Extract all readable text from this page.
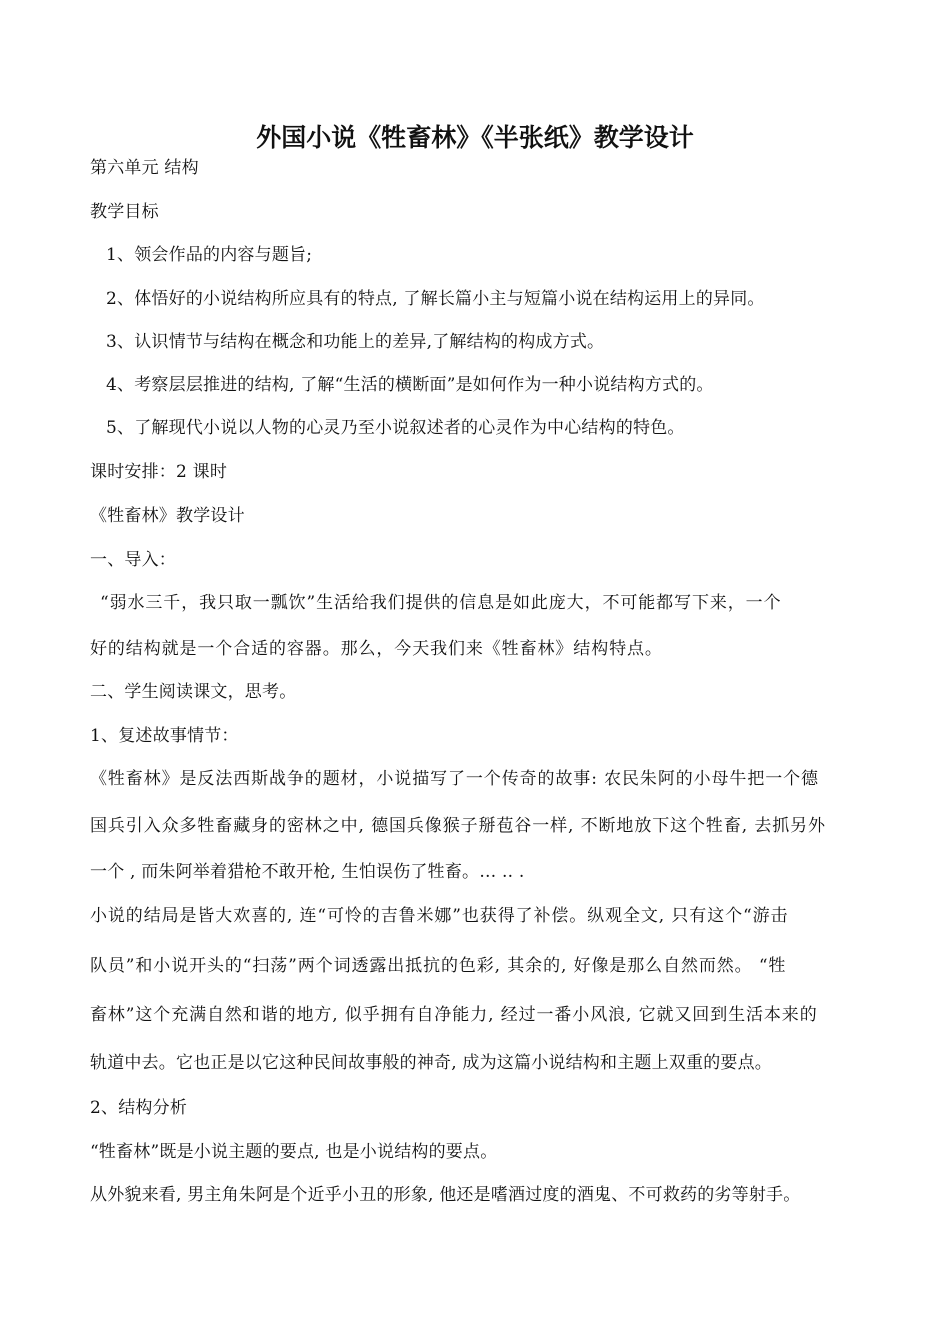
外国小说《牲畜林》《半张纸》教学设计
第六单元 结构
教学目标
1、领会作品的内容与题旨;
2、体悟好的小说结构所应具有的特点, 了解长篇小主与短篇小说在结构运用上的异同。
3、认识情节与结构在概念和功能上的差异,了解结构的构成方式。
4、考察层层推进的结构, 了解“生活的横断面”是如何作为一种小说结构方式的。
5、了解现代小说以人物的心灵乃至小说叙述者的心灵作为中心结构的特色。
课时安排：2 课时
《牲畜林》教学设计
一、导入：
“弱水三千，我只取一瓢饮”生活给我们提供的信息是如此庞大，不可能都写下来，一个
好的结构就是一个合适的容器。那么，今天我们来《牲畜林》结构特点。
二、学生阅读课文，思考。
1、复述故事情节：
《牲畜林》是反法西斯战争的题材，小说描写了一个传奇的故事: 农民朱阿的小母牛把一个德
国兵引入众多牲畜藏身的密林之中, 德国兵像猴子掰苞谷一样, 不断地放下这个牲畜, 去抓另外
一个 , 而朱阿举着猎枪不敢开枪, 生怕误伤了牲畜。… .. .
小说的结局是皆大欢喜的, 连“可怜的吉鲁米娜”也获得了补偿。纵观全文, 只有这个“游击
队员”和小说开头的“扫荡”两个词透露出抵抗的色彩, 其余的, 好像是那么自然而然。 “牲
畜林”这个充满自然和谐的地方, 似乎拥有自净能力, 经过一番小风浪, 它就又回到生活本来的
轨道中去。它也正是以它这种民间故事般的神奇, 成为这篇小说结构和主题上双重的要点。
2、结构分析
“牲畜林”既是小说主题的要点, 也是小说结构的要点。
从外貌来看, 男主角朱阿是个近乎小丑的形象, 他还是嗜酒过度的酒鬼、不可救药的劣等射手。
